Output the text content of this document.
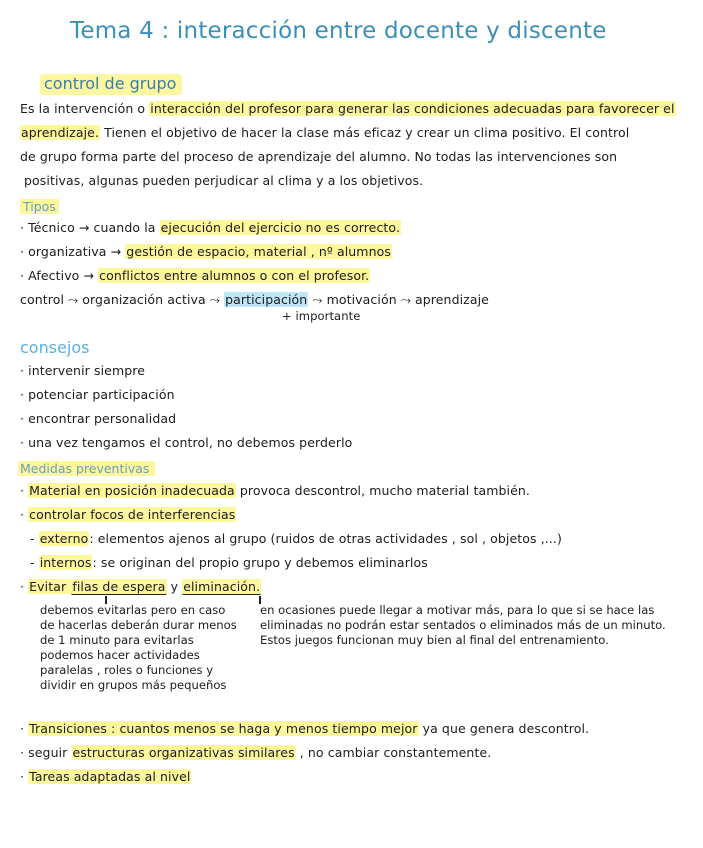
Tema 4 : interacción entre docente y discente
control de grupo
Es la intervención o interacción del profesor para generar las condiciones adecuadas para favorecer el
aprendizaje. Tienen el objetivo de hacer la clase más eficaz y crear un clima positivo. El control
de grupo forma parte del proceso de aprendizaje del alumno. No todas las intervenciones son
positivas, algunas pueden perjudicar al clima y a los objetivos.
Tipos
· Técnico → cuando la ejecución del ejercicio no es correcto.
· organizativa → gestión de espacio, material , nº alumnos
· Afectivo → conflictos entre alumnos o con el profesor.
control ⤳ organización activa ⤳ participación ⤳ motivación ⤳ aprendizaje
+ importante
consejos
· intervenir siempre
· potenciar participación
· encontrar personalidad
· una vez tengamos el control, no debemos perderlo
Medidas preventivas
· Material en posición inadecuada provoca descontrol, mucho material también.
· controlar focos de interferencias
- externo: elementos ajenos al grupo (ruidos de otras actividades , sol , objetos ,...)
- internos: se originan del propio grupo y debemos eliminarlos
· Evitar filas de espera y eliminación.
debemos evitarlas pero en caso de hacerlas deberán durar menos de 1 minuto para evitarlas podemos hacer actividades paralelas , roles o funciones y dividir en grupos más pequeños
en ocasiones puede llegar a motivar más, para lo que si se hace las eliminadas no podrán estar sentados o eliminados más de un minuto. Estos juegos funcionan muy bien al final del entrenamiento.
· Transiciones : cuantos menos se haga y menos tiempo mejor ya que genera descontrol.
· seguir estructuras organizativas similares , no cambiar constantemente.
· Tareas adaptadas al nivel
